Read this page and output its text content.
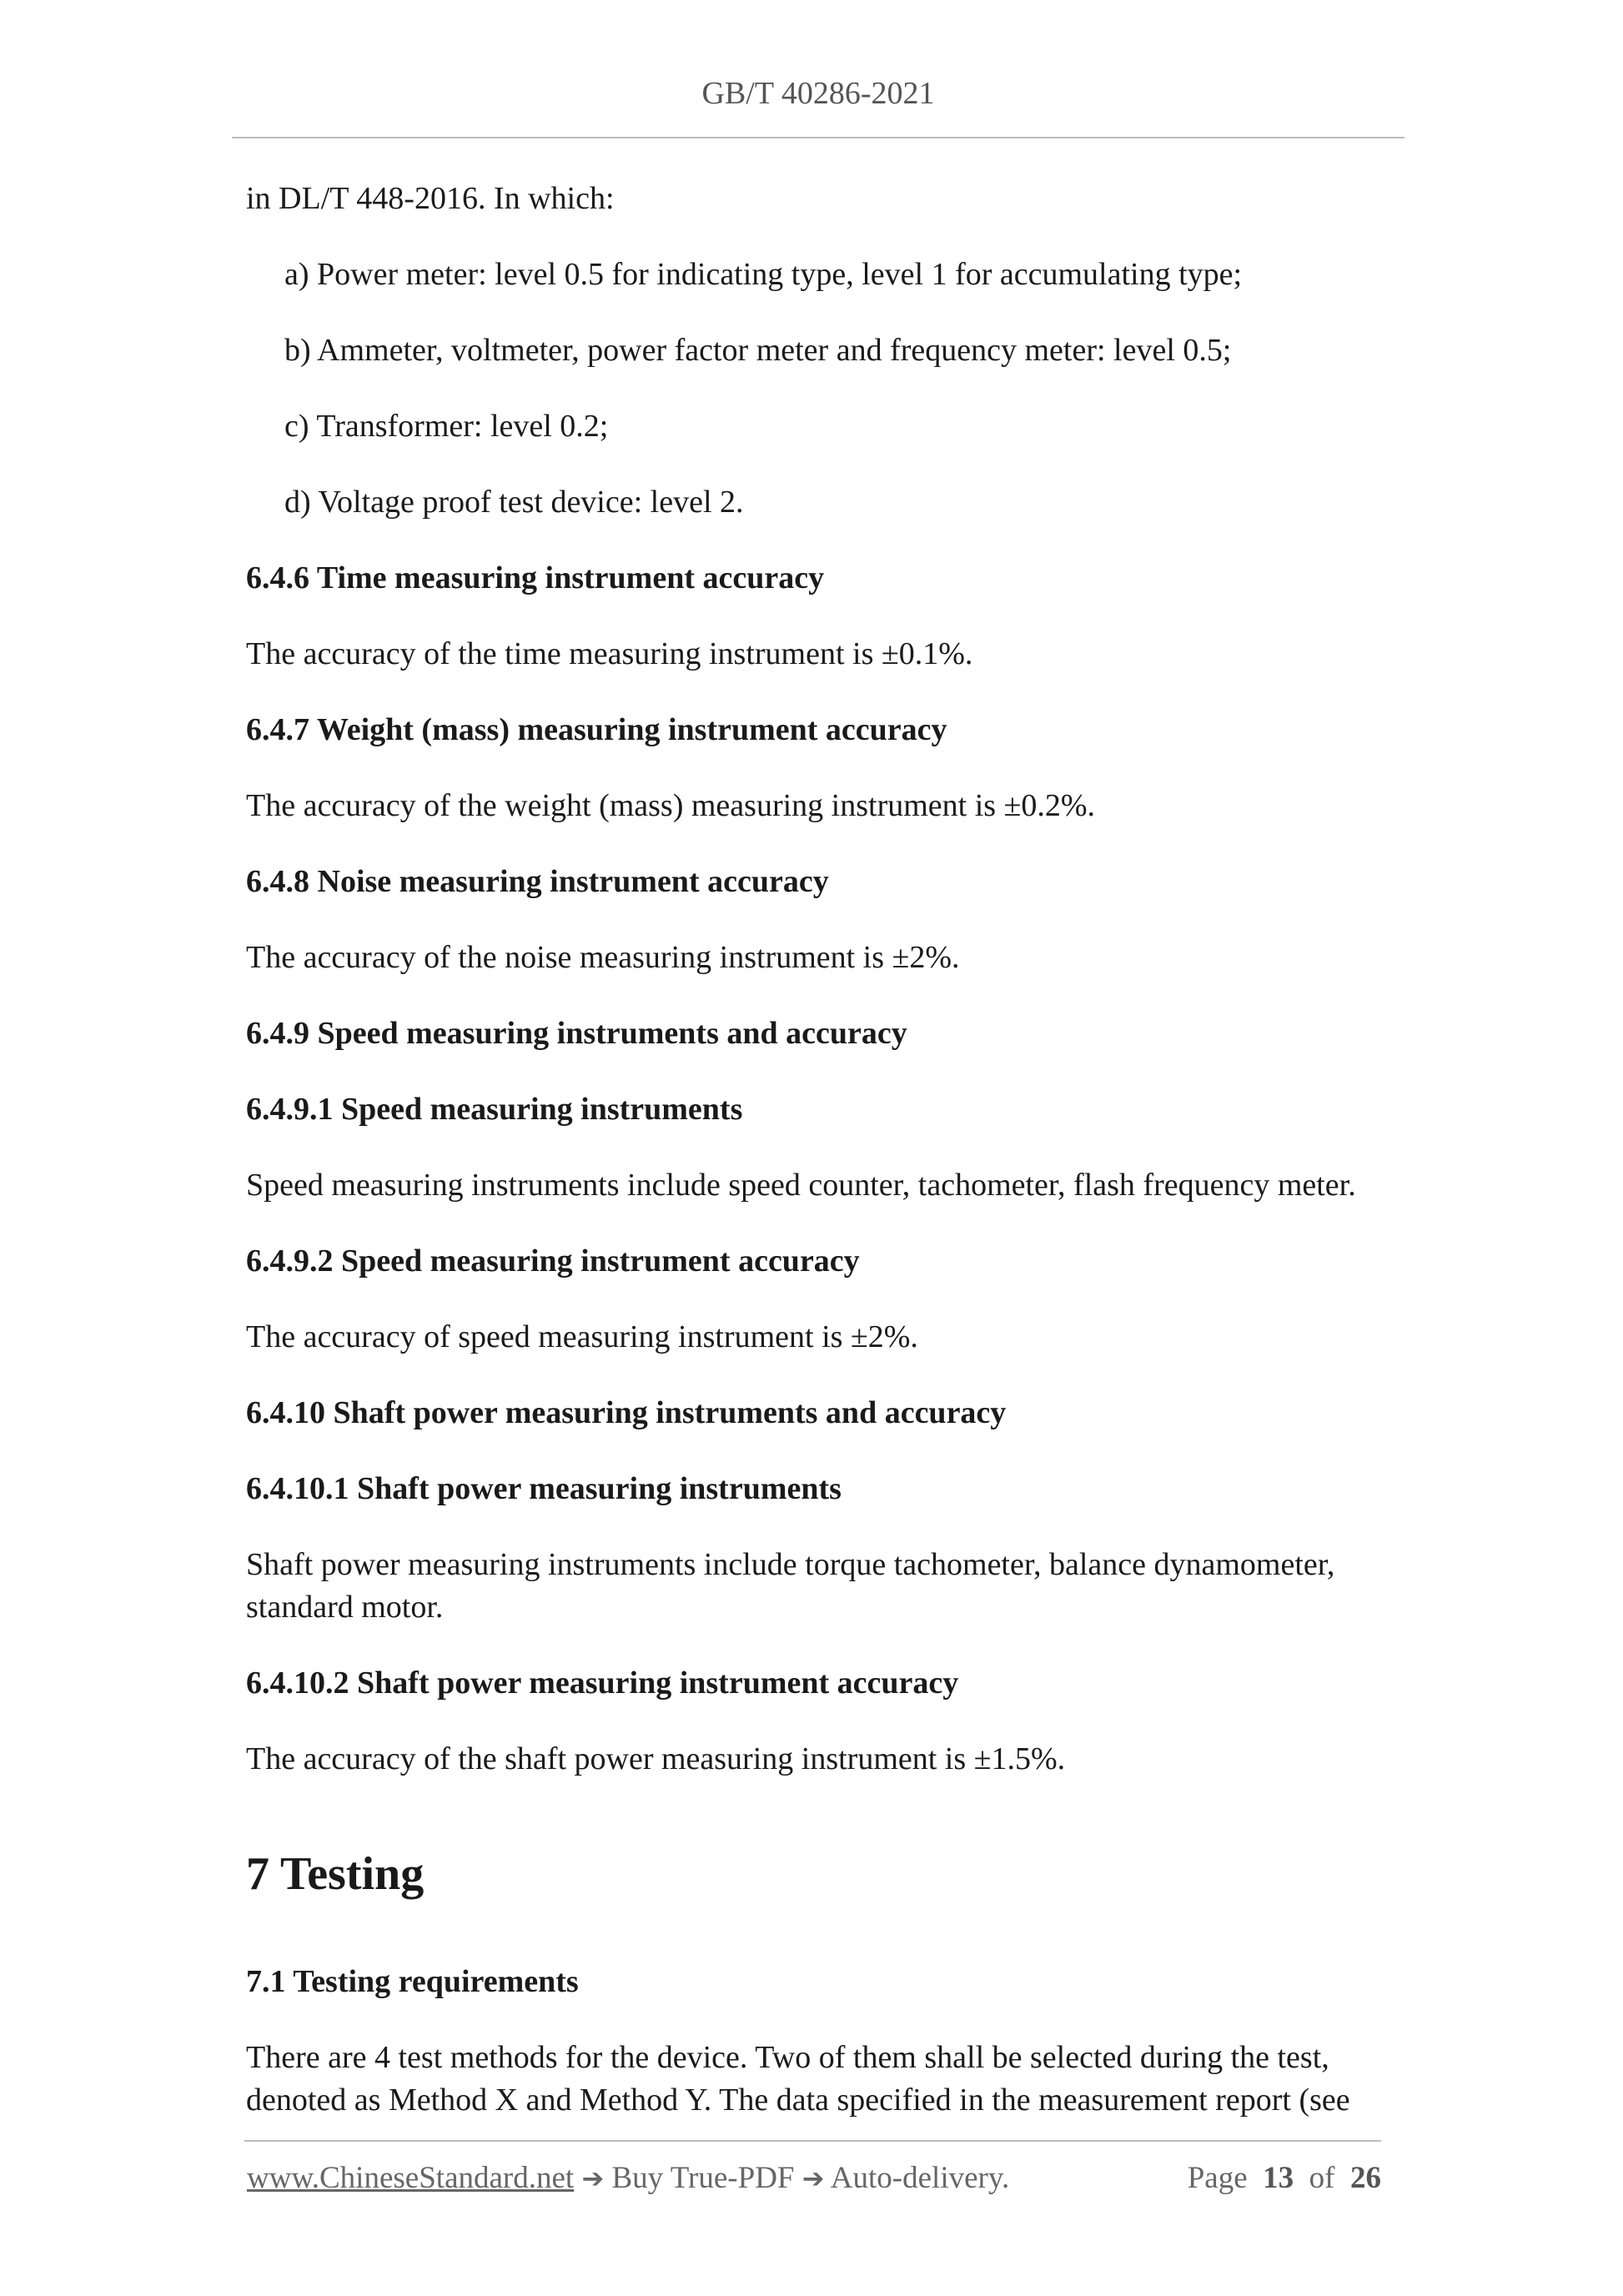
GB/T 40286-2021

in DL/T 448-2016. In which:

a) Power meter: level 0.5 for indicating type, level 1 for accumulating type;

b) Ammeter, voltmeter, power factor meter and frequency meter: level 0.5;

c) Transformer: level 0.2;

d) Voltage proof test device: level 2.

6.4.6 Time measuring instrument accuracy

The accuracy of the time measuring instrument is ±0.1%.

6.4.7 Weight (mass) measuring instrument accuracy

The accuracy of the weight (mass) measuring instrument is ±0.2%.

6.4.8 Noise measuring instrument accuracy

The accuracy of the noise measuring instrument is ±2%.

6.4.9 Speed measuring instruments and accuracy

6.4.9.1 Speed measuring instruments

Speed measuring instruments include speed counter, tachometer, flash frequency meter.

6.4.9.2 Speed measuring instrument accuracy

The accuracy of speed measuring instrument is ±2%.

6.4.10 Shaft power measuring instruments and accuracy

6.4.10.1 Shaft power measuring instruments

Shaft power measuring instruments include torque tachometer, balance dynamometer,

standard motor.

6.4.10.2 Shaft power measuring instrument accuracy

The accuracy of the shaft power measuring instrument is ±1.5%.

7 Testing

7.1 Testing requirements

There are 4 test methods for the device. Two of them shall be selected during the test,

denoted as Method X and Method Y. The data specified in the measurement report (see

www.ChineseStandard.net ➔ Buy True-PDF ➔ Auto-delivery.	Page 13 of 26
